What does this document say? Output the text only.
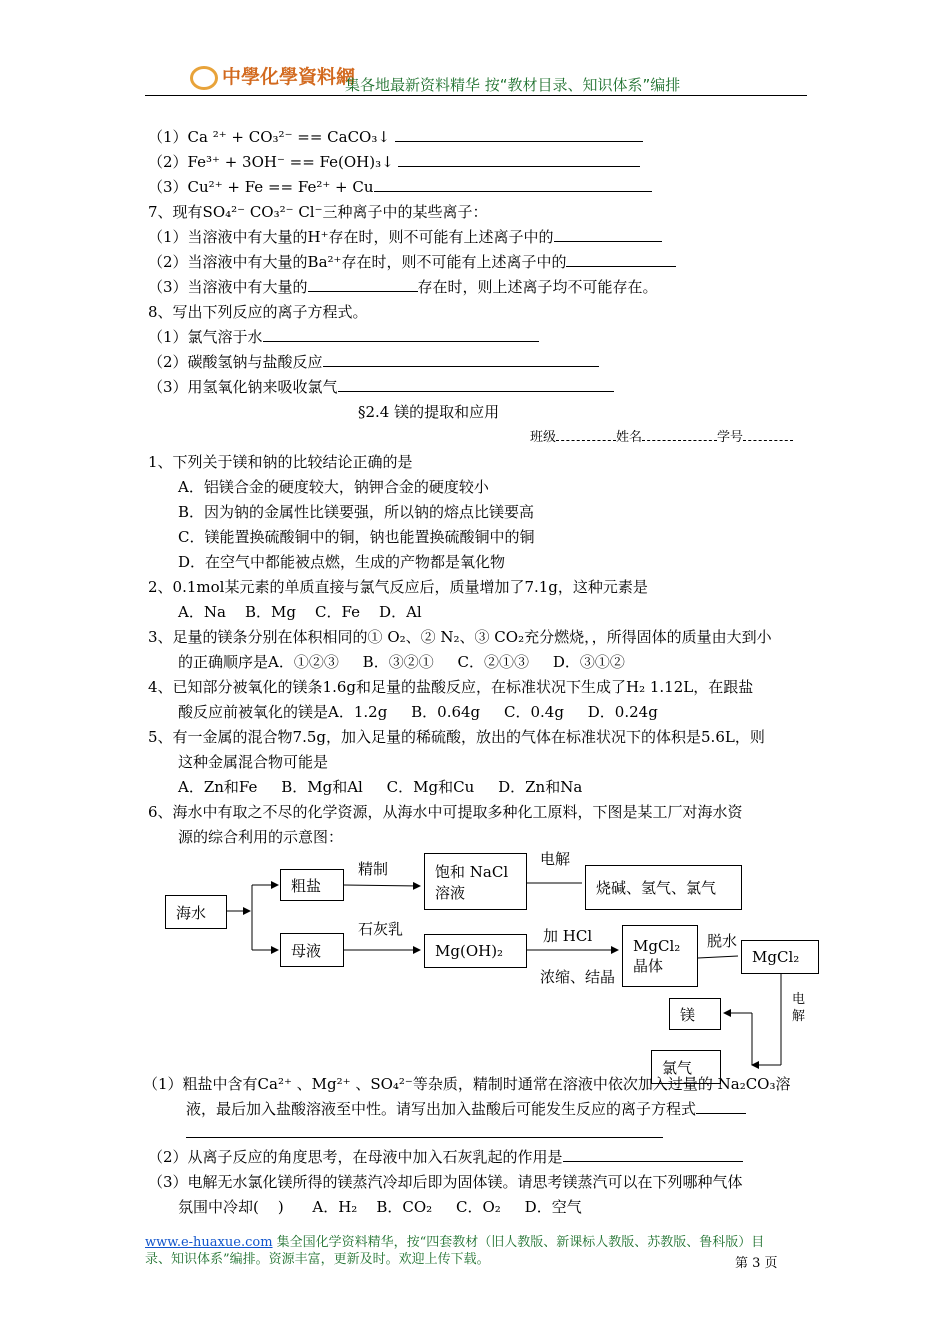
中學化學資料網
集各地最新资料精华 按“教材目录、知识体系”编排
（1）Ca ²⁺ + CO₃²⁻ == CaCO₃↓
（2）Fe³⁺ + 3OH⁻ == Fe(OH)₃↓
（3）Cu²⁺ + Fe == Fe²⁺ + Cu
7、现有SO₄²⁻ CO₃²⁻ Cl⁻三种离子中的某些离子：
（1）当溶液中有大量的H⁺存在时，则不可能有上述离子中的
（2）当溶液中有大量的Ba²⁺存在时，则不可能有上述离子中的
（3）当溶液中有大量的	存在时，则上述离子均不可能存在。
8、写出下列反应的离子方程式。
（1）氯气溶于水
（2）碳酸氢钠与盐酸反应
（3）用氢氧化钠来吸收氯气
§2.4 镁的提取和应用
班级	姓名	学号
1、下列关于镁和钠的比较结论正确的是
A．铝镁合金的硬度较大，钠钾合金的硬度较小
B．因为钠的金属性比镁要强，所以钠的熔点比镁要高
C．镁能置换硫酸铜中的铜，钠也能置换硫酸铜中的铜
D．在空气中都能被点燃，生成的产物都是氧化物
2、0.1mol某元素的单质直接与氯气反应后，质量增加了7.1g，这种元素是
A．Na    B．Mg    C．Fe    D．Al
3、足量的镁条分别在体积相同的① O₂、② N₂、③ CO₂充分燃烧，，所得固体的质量由大到小
的正确顺序是A．①②③     B．③②①     C．②①③     D．③①②
4、已知部分被氧化的镁条1.6g和足量的盐酸反应，在标准状况下生成了H₂ 1.12L，在跟盐
酸反应前被氧化的镁是A．1.2g     B．0.64g     C．0.4g     D．0.24g
5、有一金属的混合物7.5g，加入足量的稀硫酸，放出的气体在标准状况下的体积是5.6L，则
这种金属混合物可能是
A．Zn和Fe     B．Mg和Al     C．Mg和Cu     D．Zn和Na
6、海水中有取之不尽的化学资源，从海水中可提取多种化工原料，下图是某工厂对海水资
源的综合利用的示意图：
海水
粗盐
母液
饱和 NaCl
溶液	烧碱、氢气、氯气
Mg(OH)₂	MgCl₂
晶体	MgCl₂
镁
氯气
精制
电解
石灰乳	加 HCl
浓缩、结晶
脱水
电
解
（1）粗盐中含有Ca²⁺ 、Mg²⁺ 、SO₄²⁻等杂质，精制时通常在溶液中依次加入过量的 Na₂CO₃溶
液，最后加入盐酸溶液至中性。请写出加入盐酸后可能发生反应的离子方程式
（2）从离子反应的角度思考，在母液中加入石灰乳起的作用是
（3）电解无水氯化镁所得的镁蒸汽冷却后即为固体镁。请思考镁蒸汽可以在下列哪种气体
氛围中冷却(    )      A．H₂    B．CO₂     C．O₂     D．空气
www.e-huaxue.com 集全国化学资料精华，按“四套教材（旧人教版、新课标人教版、苏教版、鲁科版）目
录、知识体系”编排。资源丰富，更新及时。欢迎上传下载。	第 3 页
